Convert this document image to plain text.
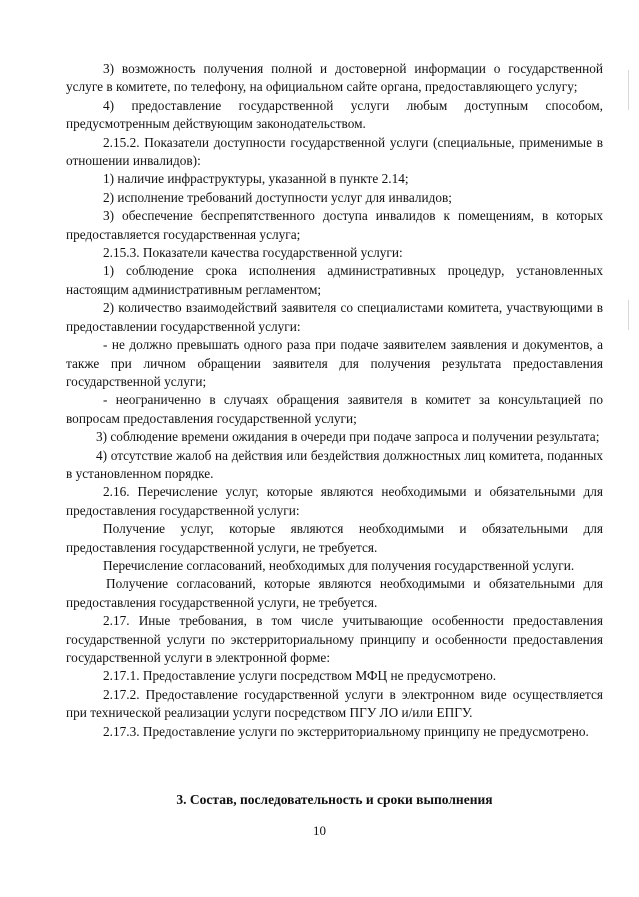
3) возможность получения полной и достоверной информации о государственной услуге в комитете, по телефону, на официальном сайте органа, предоставляющего услугу;

4) предоставление государственной услуги любым доступным способом, предусмотренным действующим законодательством.

2.15.2. Показатели доступности государственной услуги (специальные, применимые в отношении инвалидов):

1) наличие инфраструктуры, указанной в пункте 2.14;

2) исполнение требований доступности услуг для инвалидов;

3) обеспечение беспрепятственного доступа инвалидов к помещениям, в которых предоставляется государственная услуга;

2.15.3. Показатели качества государственной услуги:

1) соблюдение срока исполнения административных процедур, установленных настоящим административным регламентом;

2) количество взаимодействий заявителя со специалистами комитета, участвующими в предоставлении государственной услуги:

- не должно превышать одного раза при подаче заявителем заявления и документов, а также при личном обращении заявителя для получения результата предоставления государственной услуги;

- неограниченно в случаях обращения заявителя в комитет за консультацией по вопросам предоставления государственной услуги;

3) соблюдение времени ожидания в очереди при подаче запроса и получении результата;

4) отсутствие жалоб на действия или бездействия должностных лиц комитета, поданных в установленном порядке.

2.16. Перечисление услуг, которые являются необходимыми и обязательными для предоставления государственной услуги:

Получение услуг, которые являются необходимыми и обязательными для предоставления государственной услуги, не требуется.

Перечисление согласований, необходимых для получения государственной услуги.

Получение согласований, которые являются необходимыми и обязательными для предоставления государственной услуги, не требуется.

2.17. Иные требования, в том числе учитывающие особенности предоставления государственной услуги по экстерриториальному принципу и особенности предоставления государственной услуги в электронной форме:

2.17.1. Предоставление услуги посредством МФЦ не предусмотрено.

2.17.2. Предоставление государственной услуги в электронном виде осуществляется при технической реализации услуги посредством ПГУ ЛО и/или ЕПГУ.

2.17.3. Предоставление услуги по экстерриториальному принципу не предусмотрено.

3. Состав, последовательность и сроки выполнения

10
